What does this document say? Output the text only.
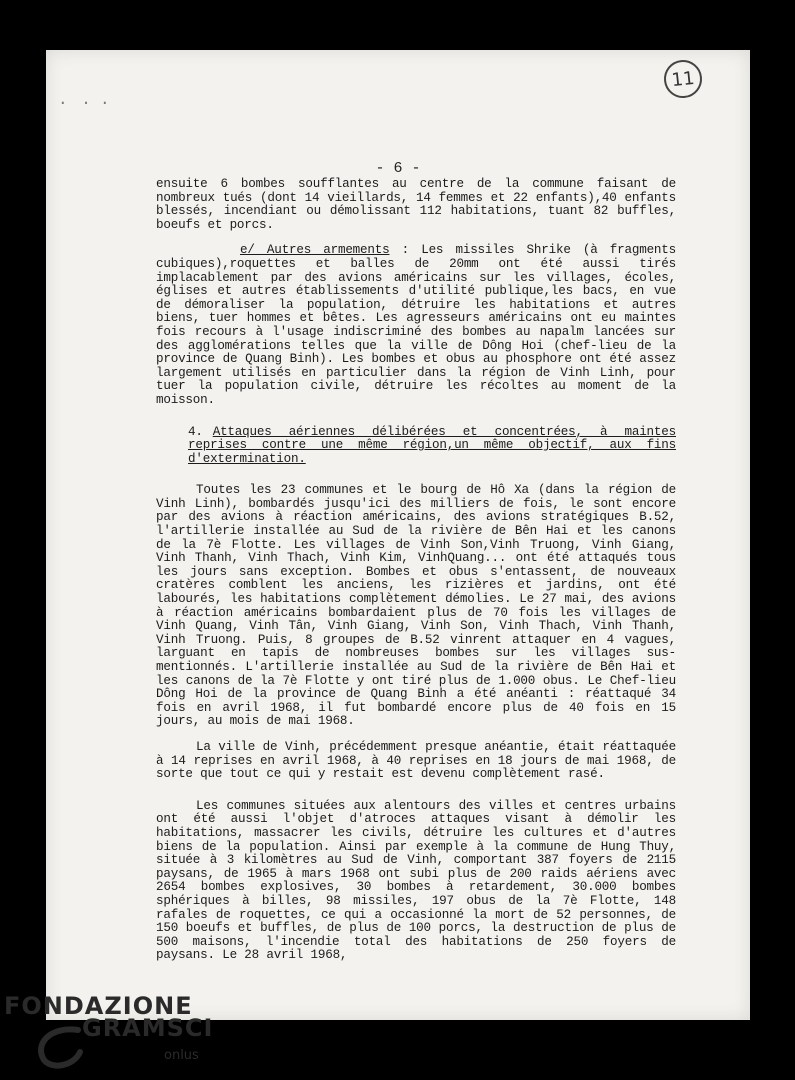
· · ·
11
- 6 -

ensuite 6 bombes soufflantes au centre de la commune faisant de nombreux tués (dont 14 vieillards, 14 femmes et 22 enfants),40 enfants blessés, incendiant ou démolissant 112 habitations, tuant 82 buffles, boeufs et porcs.

e/ Autres armements : Les missiles Shrike (à fragments cubiques),roquettes et balles de 20mm ont été aussi tirés implacablement par des avions américains sur les villages, écoles, églises et autres établissements d'utilité publique,les bacs, en vue de démoraliser la population, détruire les habitations et autres biens, tuer hommes et bêtes. Les agresseurs américains ont eu maintes fois recours à l'usage indiscriminé des bombes au napalm lancées sur des agglomérations telles que la ville de Dông Hoi (chef-lieu de la province de Quang Binh). Les bombes et obus au phosphore ont été assez largement utilisés en particulier dans la région de Vinh Linh, pour tuer la population civile, détruire les récoltes au moment de la moisson.

4. Attaques aériennes délibérées et concentrées, à maintes reprises contre une même région,un même objectif, aux fins d'extermination.

Toutes les 23 communes et le bourg de Hô Xa (dans la région de Vinh Linh), bombardés jusqu'ici des milliers de fois, le sont encore par des avions à réaction américains, des avions stratégiques B.52, l'artillerie installée au Sud de la rivière de Bên Hai et les canons de la 7è Flotte. Les villages de Vinh Son,Vinh Truong, Vinh Giang, Vinh Thanh, Vinh Thach, Vinh Kim, VinhQuang... ont été attaqués tous les jours sans exception. Bombes et obus s'entassent, de nouveaux cratères comblent les anciens, les rizières et jardins, ont été labourés, les habitations complètement démolies. Le 27 mai, des avions à réaction américains bombardaient plus de 70 fois les villages de Vinh Quang, Vinh Tân, Vinh Giang, Vinh Son, Vinh Thach, Vinh Thanh, Vinh Truong. Puis, 8 groupes de B.52 vinrent attaquer en 4 vagues, larguant en tapis de nombreuses bombes sur les villages sus-mentionnés. L'artillerie installée au Sud de la rivière de Bên Hai et les canons de la 7è Flotte y ont tiré plus de 1.000 obus. Le Chef-lieu Dông Hoi de la province de Quang Binh a été anéanti : réattaqué 34 fois en avril 1968, il fut bombardé encore plus de 40 fois en 15 jours, au mois de mai 1968.

La ville de Vinh, précédemment presque anéantie, était réattaquée à 14 reprises en avril 1968, à 40 reprises en 18 jours de mai 1968, de sorte que tout ce qui y restait est devenu complètement rasé.

Les communes situées aux alentours des villes et centres urbains ont été aussi l'objet d'atroces attaques visant à démolir les habitations, massacrer les civils, détruire les cultures et d'autres biens de la population. Ainsi par exemple à la commune de Hung Thuy, située à 3 kilomètres au Sud de Vinh, comportant 387 foyers de 2115 paysans, de 1965 à mars 1968 ont subi plus de 200 raids aériens avec 2654 bombes explosives, 30 bombes à retardement, 30.000 bombes sphériques à billes, 98 missiles, 197 obus de la 7è Flotte, 148 rafales de roquettes, ce qui a occasionné la mort de 52 personnes, de 150 boeufs et buffles, de plus de 100 porcs, la destruction de plus de 500 maisons, l'incendie total des habitations de 250 foyers de paysans. Le 28 avril 1968,

FONDAZIONE
GRAMSCI
onlus
